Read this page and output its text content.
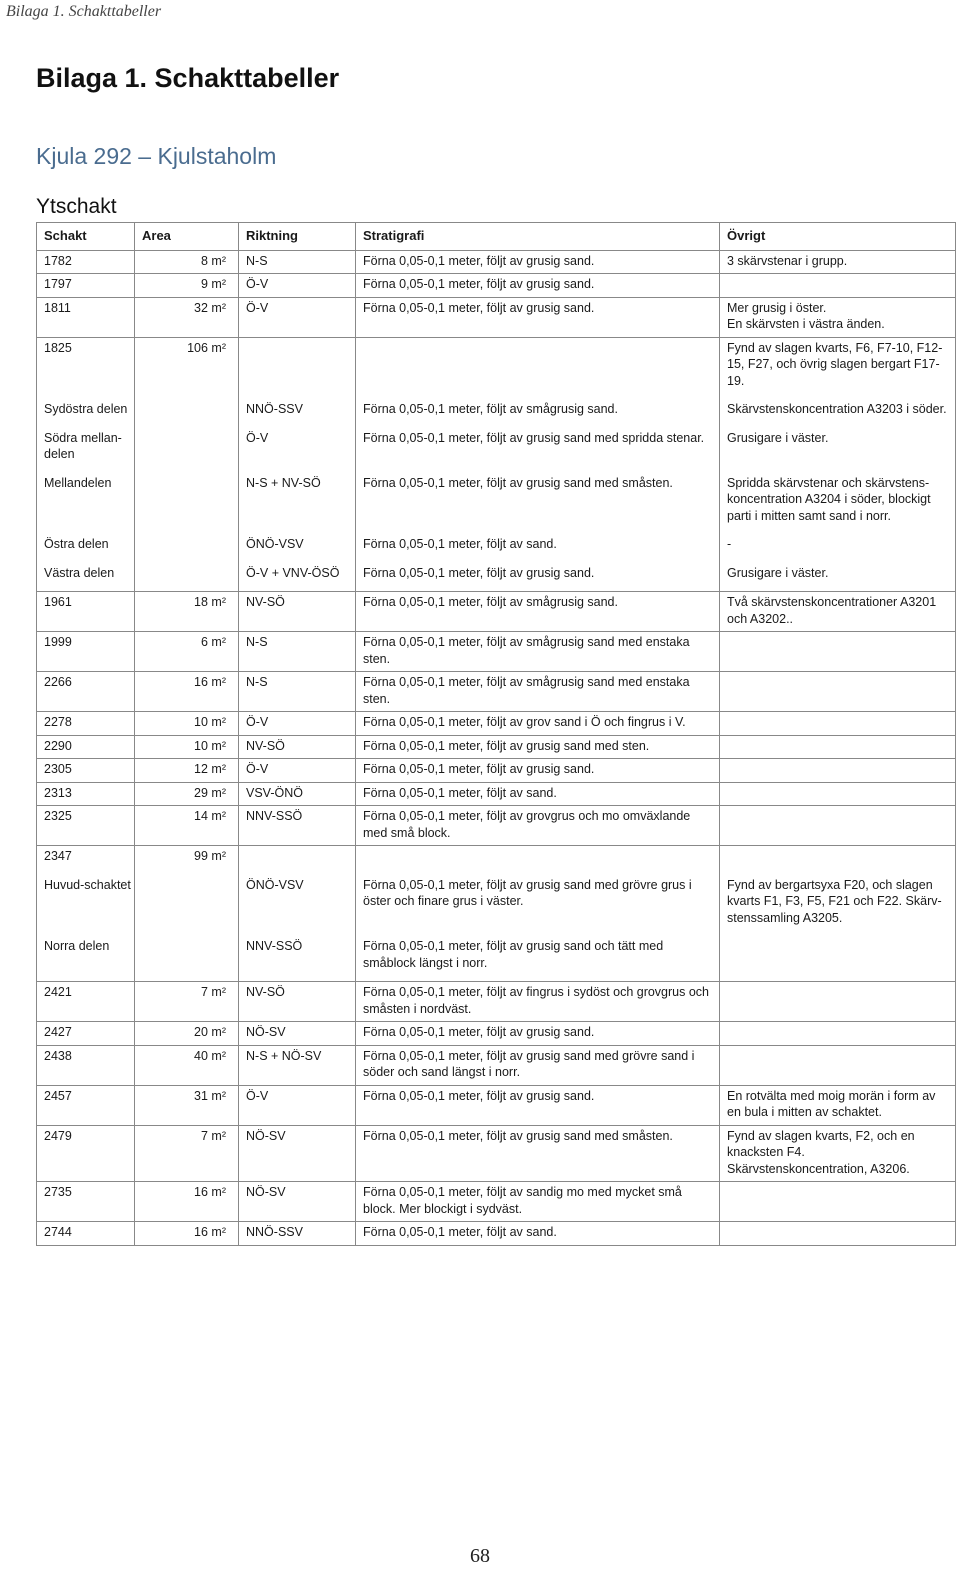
Bilaga 1. Schakttabeller
Bilaga 1. Schakttabeller
Kjula 292 – Kjulstaholm
Ytschakt
Schakt	Area	Riktning	Stratigrafi	Övrigt
1782	8 m²	N-S	Förna 0,05-0,1 meter, följt av grusig sand.	3 skärvstenar i grupp.
1797	9 m²	Ö-V	Förna 0,05-0,1 meter, följt av grusig sand.	
1811	32 m²	Ö-V	Förna 0,05-0,1 meter, följt av grusig sand.	Mer grusig i öster.
En skärvsten i västra änden.
1825	106 m²			Fynd av slagen kvarts, F6, F7-10, F12-15, F27, och övrig slagen bergart F17-19.
Sydöstra delen		NNÖ-SSV	Förna 0,05-0,1 meter, följt av smågrusig sand.	Skärvstenskoncentration A3203 i söder.
Södra mellan-delen		Ö-V	Förna 0,05-0,1 meter, följt av grusig sand med spridda stenar.	Grusigare i väster.
Mellandelen		N-S + NV-SÖ	Förna 0,05-0,1 meter, följt av grusig sand med småsten.	Spridda skärvstenar och skärvstens-koncentration A3204 i söder, blockigt parti i mitten samt sand i norr.
Östra delen		ÖNÖ-VSV	Förna 0,05-0,1 meter, följt av sand.	-
Västra delen		Ö-V + VNV-ÖSÖ	Förna 0,05-0,1 meter, följt av grusig sand.	Grusigare i väster.
1961	18 m²	NV-SÖ	Förna 0,05-0,1 meter, följt av smågrusig sand.	Två skärvstenskoncentrationer A3201 och A3202..
1999	6 m²	N-S	Förna 0,05-0,1 meter, följt av smågrusig sand med enstaka sten.	
2266	16 m²	N-S	Förna 0,05-0,1 meter, följt av smågrusig sand med enstaka sten.	
2278	10 m²	Ö-V	Förna 0,05-0,1 meter, följt av grov sand i Ö och fingrus i V.	
2290	10 m²	NV-SÖ	Förna 0,05-0,1 meter, följt av grusig sand med sten.	
2305	12 m²	Ö-V	Förna 0,05-0,1 meter, följt av grusig sand.	
2313	29 m²	VSV-ÖNÖ	Förna 0,05-0,1 meter, följt av sand.	
2325	14 m²	NNV-SSÖ	Förna 0,05-0,1 meter, följt av grovgrus och mo omväxlande med små block.	
2347	99 m²			
Huvud-schaktet		ÖNÖ-VSV	Förna 0,05-0,1 meter, följt av grusig sand med grövre grus i öster och finare grus i väster.	Fynd av bergartsyxa F20, och slagen kvarts F1, F3, F5, F21 och F22. Skärv-stenssamling A3205.
Norra delen		NNV-SSÖ	Förna 0,05-0,1 meter, följt av grusig sand och tätt med småblock längst i norr.	
2421	7 m²	NV-SÖ	Förna 0,05-0,1 meter, följt av fingrus i sydöst och grovgrus och småsten i nordväst.	
2427	20 m²	NÖ-SV	Förna 0,05-0,1 meter, följt av grusig sand.	
2438	40 m²	N-S + NÖ-SV	Förna 0,05-0,1 meter, följt av grusig sand med grövre sand i söder och sand längst i norr.	
2457	31 m²	Ö-V	Förna 0,05-0,1 meter, följt av grusig sand.	En rotvälta med moig morän i form av en bula i mitten av schaktet.
2479	7 m²	NÖ-SV	Förna 0,05-0,1 meter, följt av grusig sand med småsten.	Fynd av slagen kvarts, F2, och en knacksten F4.
Skärvstenskoncentration, A3206.
2735	16 m²	NÖ-SV	Förna 0,05-0,1 meter, följt av sandig mo med mycket små block. Mer blockigt i sydväst.	
2744	16 m²	NNÖ-SSV	Förna 0,05-0,1 meter, följt av sand.	
68
